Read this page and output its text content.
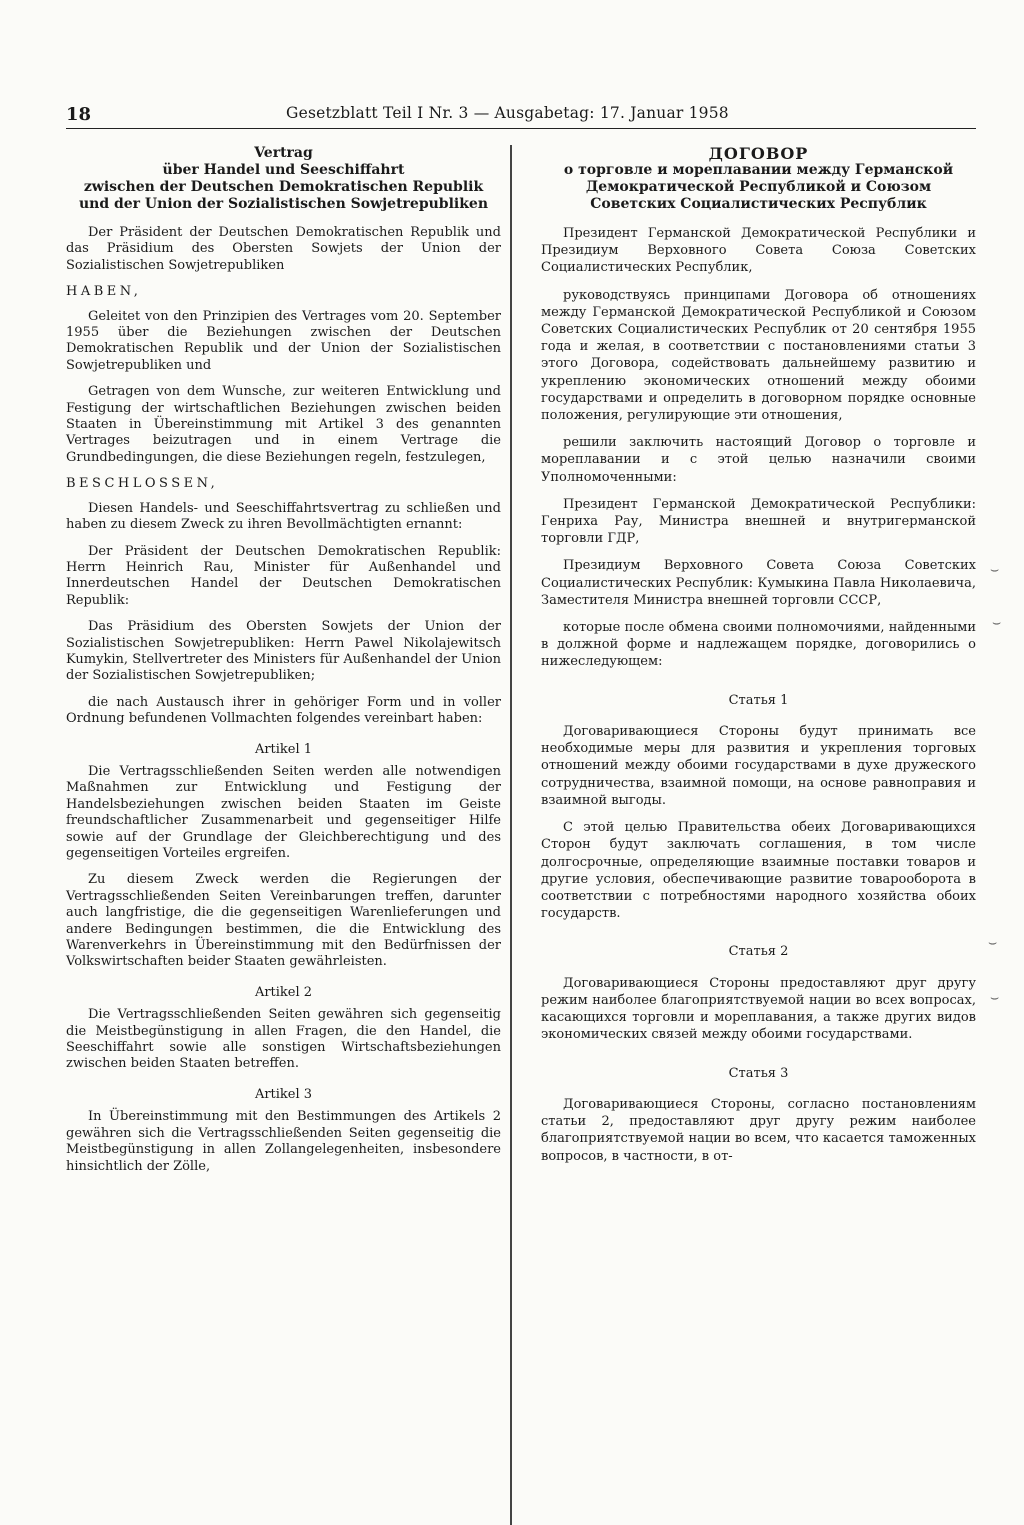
18	Gesetzblatt Teil I Nr. 3 — Ausgabetag: 17. Januar 1958
Vertrag
über Handel und Seeschiffahrt
zwischen der Deutschen Demokratischen Republik
und der Union der Sozialistischen Sowjetrepubliken

Der Präsident der Deutschen Demokratischen Republik und das Präsidium des Obersten Sowjets der Union der Sozialistischen Sowjetrepubliken

HABEN,

Geleitet von den Prinzipien des Vertrages vom 20. September 1955 über die Beziehungen zwischen der Deutschen Demokratischen Republik und der Union der Sozialistischen Sowjetrepubliken und

Getragen von dem Wunsche, zur weiteren Entwicklung und Festigung der wirtschaftlichen Beziehungen zwischen beiden Staaten in Übereinstimmung mit Artikel 3 des genannten Vertrages beizutragen und in einem Vertrage die Grundbedingungen, die diese Beziehungen regeln, festzulegen,

BESCHLOSSEN,

Diesen Handels- und Seeschiffahrtsvertrag zu schließen und haben zu diesem Zweck zu ihren Bevollmächtigten ernannt:

Der Präsident der Deutschen Demokratischen Republik: Herrn Heinrich Rau, Minister für Außenhandel und Innerdeutschen Handel der Deutschen Demokratischen Republik:

Das Präsidium des Obersten Sowjets der Union der Sozialistischen Sowjetrepubliken: Herrn Pawel Nikolajewitsch Kumykin, Stellvertreter des Ministers für Außenhandel der Union der Sozialistischen Sowjetrepubliken;

die nach Austausch ihrer in gehöriger Form und in voller Ordnung befundenen Vollmachten folgendes vereinbart haben:

Artikel 1

Die Vertragsschließenden Seiten werden alle notwendigen Maßnahmen zur Entwicklung und Festigung der Handelsbeziehungen zwischen beiden Staaten im Geiste freundschaftlicher Zusammenarbeit und gegenseitiger Hilfe sowie auf der Grundlage der Gleichberechtigung und des gegenseitigen Vorteiles ergreifen.

Zu diesem Zweck werden die Regierungen der Vertragsschließenden Seiten Vereinbarungen treffen, darunter auch langfristige, die die gegenseitigen Warenlieferungen und andere Bedingungen bestimmen, die die Entwicklung des Warenverkehrs in Übereinstimmung mit den Bedürfnissen der Volkswirtschaften beider Staaten gewährleisten.

Artikel 2

Die Vertragsschließenden Seiten gewähren sich gegenseitig die Meistbegünstigung in allen Fragen, die den Handel, die Seeschiffahrt sowie alle sonstigen Wirtschaftsbeziehungen zwischen beiden Staaten betreffen.

Artikel 3

In Übereinstimmung mit den Bestimmungen des Artikels 2 gewähren sich die Vertragsschließenden Seiten gegenseitig die Meistbegünstigung in allen Zollangelegenheiten, insbesondere hinsichtlich der Zölle,

ДОГОВОР
о торговле и мореплавании между Германской Демократической Республикой и Союзом Советских Социалистических Республик

Президент Германской Демократической Республики и Президиум Верховного Совета Союза Советских Социалистических Республик,

руководствуясь принципами Договора об отношениях между Германской Демократической Республикой и Союзом Советских Социалистических Республик от 20 сентября 1955 года и желая, в соответствии с постановлениями статьи 3 этого Договора, содействовать дальнейшему развитию и укреплению экономических отношений между обоими государствами и определить в договорном порядке основные положения, регулирующие эти отношения,

решили заключить настоящий Договор о торговле и мореплавании и с этой целью назначили своими Уполномоченными:

Президент Германской Демократической Республики: Генриха Рау, Министра внешней и внутригерманской торговли ГДР,

Президиум Верховного Совета Союза Советских Социалистических Республик: Кумыкина Павла Николаевича, Заместителя Министра внешней торговли СССР,

которые после обмена своими полномочиями, найденными в должной форме и надлежащем порядке, договорились о нижеследующем:

Статья 1

Договаривающиеся Стороны будут принимать все необходимые меры для развития и укрепления торговых отношений между обоими государствами в духе дружеского сотрудничества, взаимной помощи, на основе равноправия и взаимной выгоды.

С этой целью Правительства обеих Договаривающихся Сторон будут заключать соглашения, в том числе долгосрочные, определяющие взаимные поставки товаров и другие условия, обеспечивающие развитие товарооборота в соответствии с потребностями народного хозяйства обоих государств.

Статья 2

Договаривающиеся Стороны предоставляют друг другу режим наиболее благоприятствуемой нации во всех вопросах, касающихся торговли и мореплавания, а также других видов экономических связей между обоими государствами.

Статья 3

Договаривающиеся Стороны, согласно постановлениям статьи 2, предоставляют друг другу режим наиболее благоприятствуемой нации во всем, что касается таможенных вопросов, в частности, в от-

⌣
⌣
⌣
⌣
